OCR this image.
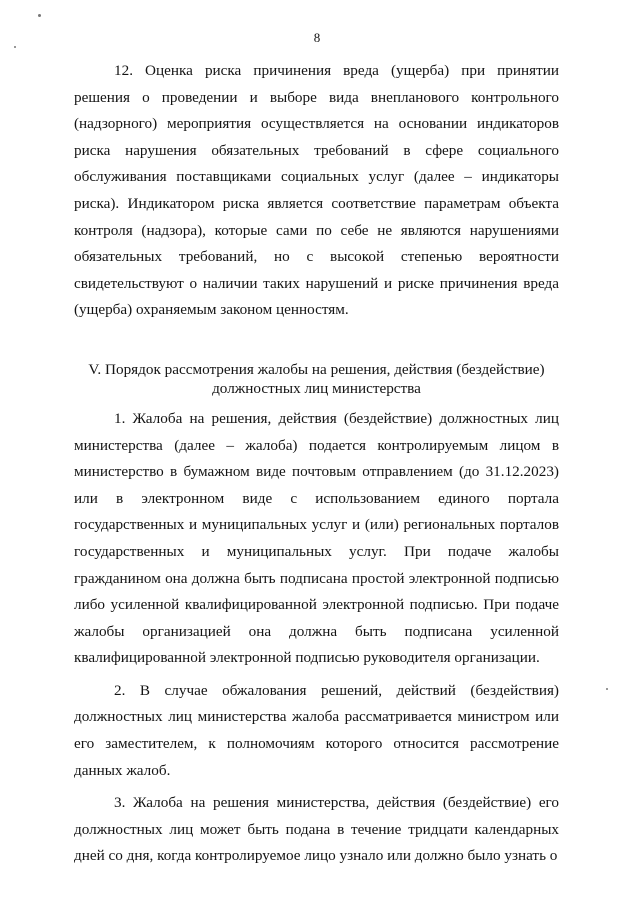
8

12. Оценка риска причинения вреда (ущерба) при принятии решения о проведении и выборе вида внепланового контрольного (надзорного) мероприятия осуществляется на основании индикаторов риска нарушения обязательных требований в сфере социального обслуживания поставщиками социальных услуг (далее – индикаторы риска). Индикатором риска является соответствие параметрам объекта контроля (надзора), которые сами по себе не являются нарушениями обязательных требований, но с высокой степенью вероятности свидетельствуют о наличии таких нарушений и риске причинения вреда (ущерба) охраняемым законом ценностям.

V. Порядок рассмотрения жалобы на решения, действия (бездействие)
должностных лиц министерства

1. Жалоба на решения, действия (бездействие) должностных лиц министерства (далее – жалоба) подается контролируемым лицом в министерство в бумажном виде почтовым отправлением (до 31.12.2023) или в электронном виде с использованием единого портала государственных и муниципальных услуг и (или) региональных порталов государственных и муниципальных услуг. При подаче жалобы гражданином она должна быть подписана простой электронной подписью либо усиленной квалифицированной электронной подписью. При подаче жалобы организацией она должна быть подписана усиленной квалифицированной электронной подписью руководителя организации.

2. В случае обжалования решений, действий (бездействия) должностных лиц министерства жалоба рассматривается министром или его заместителем, к полномочиям которого относится рассмотрение данных жалоб.

3. Жалоба на решения министерства, действия (бездействие) его должностных лиц может быть подана в течение тридцати календарных дней со дня, когда контролируемое лицо узнало или должно было узнать о
